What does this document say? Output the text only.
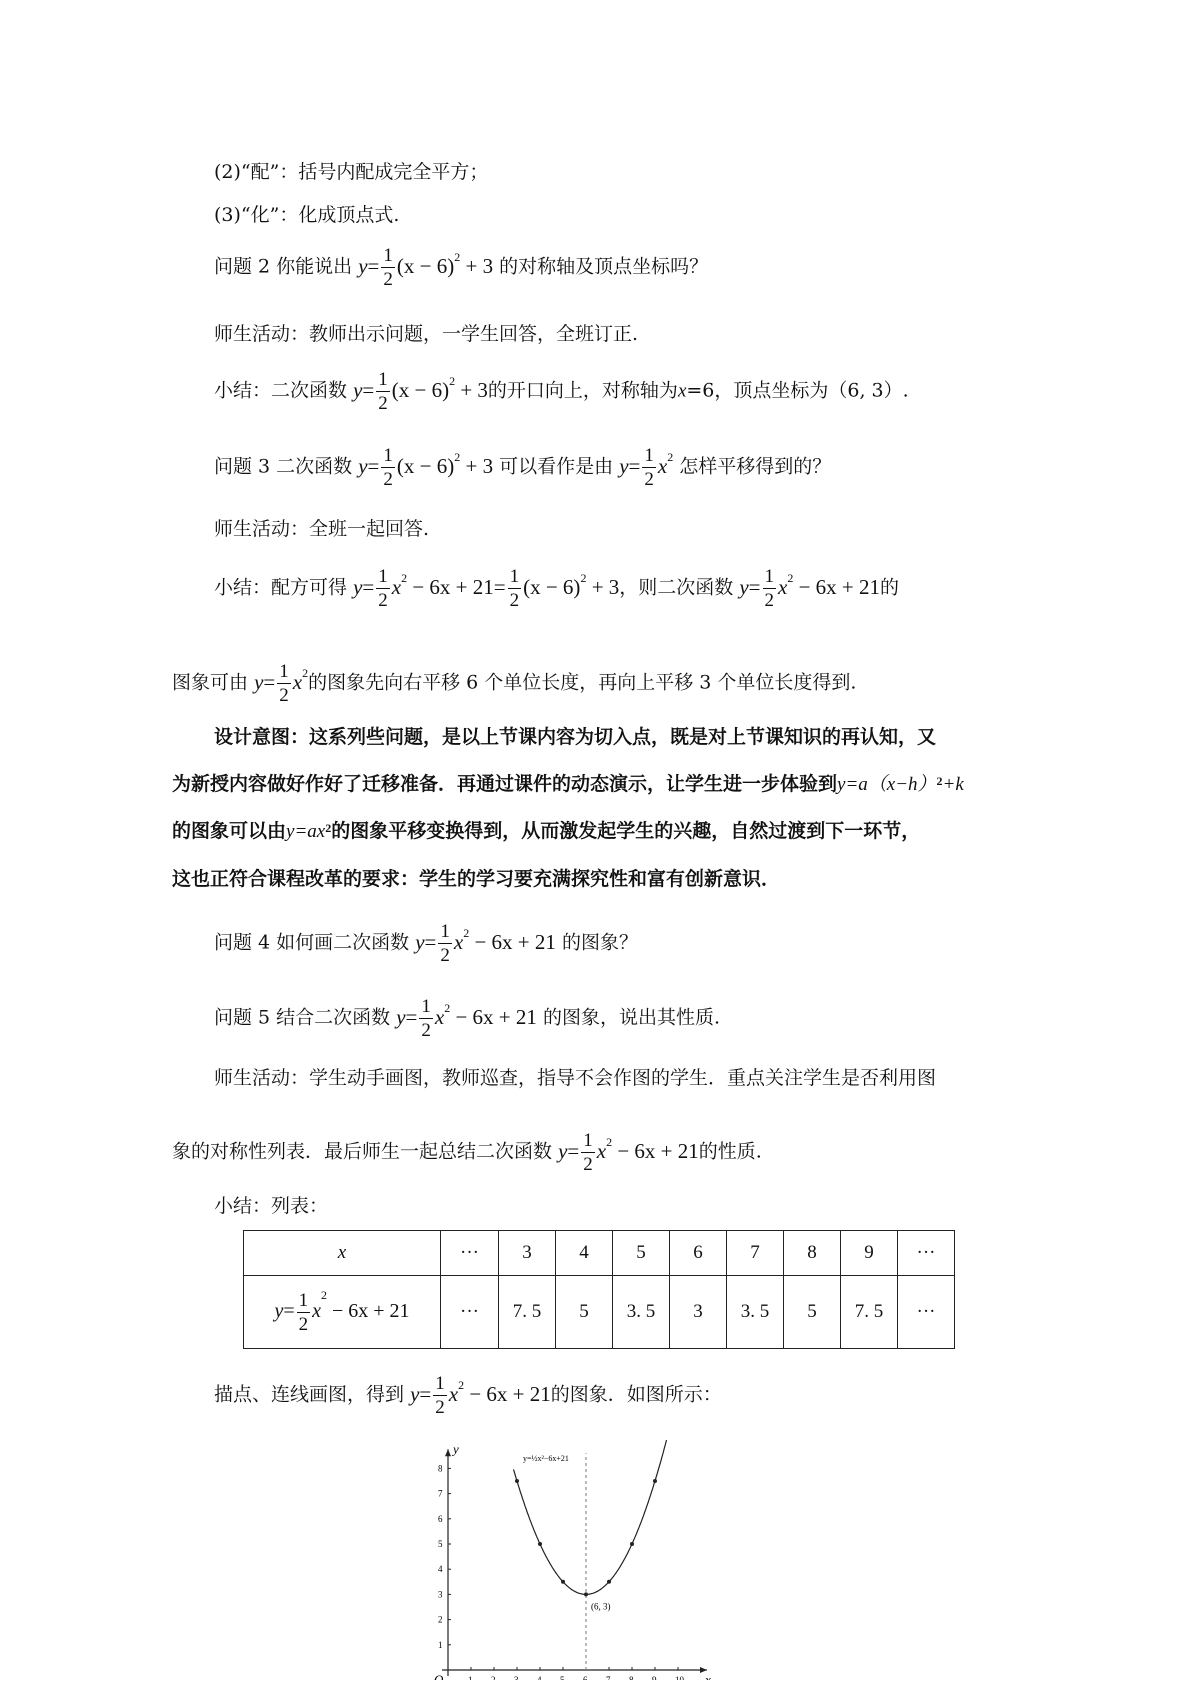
(2)“配”：括号内配成完全平方；
(3)“化”：化成顶点式.
问题 2 你能说出 $y= \frac{1}{2} (x - 6)^2 + 3$ 的对称轴及顶点坐标吗？
师生活动：教师出示问题，一学生回答，全班订正.
小结：二次函数 $y= \frac{1}{2} (x - 6)^2 + 3$的开口向上，对称轴为x=6，顶点坐标为（6, 3）.
问题 3 二次函数 $y= \frac{1}{2} (x - 6)^2 + 3$ 可以看作是由 $y= \frac{1}{2} x^2$ 怎样平移得到的？
师生活动：全班一起回答.
小结：配方可得 $y= \frac{1}{2} x^2 - 6x + 21= \frac{1}{2} (x - 6)^2 + 3$，则二次函数 $y= \frac{1}{2} x^2 - 6x + 21$的
图象可由 $y= \frac{1}{2} x^2$的图象先向右平移 6 个单位长度，再向上平移 3 个单位长度得到.
设计意图：这系列些问题，是以上节课内容为切入点，既是对上节课知识的再认知，又
为新授内容做好作好了迁移准备．再通过课件的动态演示，让学生进一步体验到$y=a(x-h)^2+k$
的图象可以由$y=ax^2$的图象平移变换得到，从而激发起学生的兴趣，自然过渡到下一环节，
这也正符合课程改革的要求：学生的学习要充满探究性和富有创新意识．
问题 4 如何画二次函数 $y= \frac{1}{2} x^2 - 6x + 21$ 的图象？
问题 5 结合二次函数 $y= \frac{1}{2} x^2 - 6x + 21$ 的图象，说出其性质.
师生活动：学生动手画图，教师巡查，指导不会作图的学生．重点关注学生是否利用图
象的对称性列表．最后师生一起总结二次函数 $y= \frac{1}{2} x^2 - 6x + 21$的性质.
小结：列表：
x	···	3	4	5	6	7	8	9	···
$y= \frac{1}{2} x^2 - 6x + 21$	···	7. 5	5	3. 5	3	3. 5	5	7. 5	···
描点、连线画图，得到 $y= \frac{1}{2} x^2 - 6x + 21$的图象．如图所示：
x
y
O	1 2 3 4 5 6 7 8 9 10
1
2
3
4
5
6
7
8
y=½x²−6x+21
(6, 3)
